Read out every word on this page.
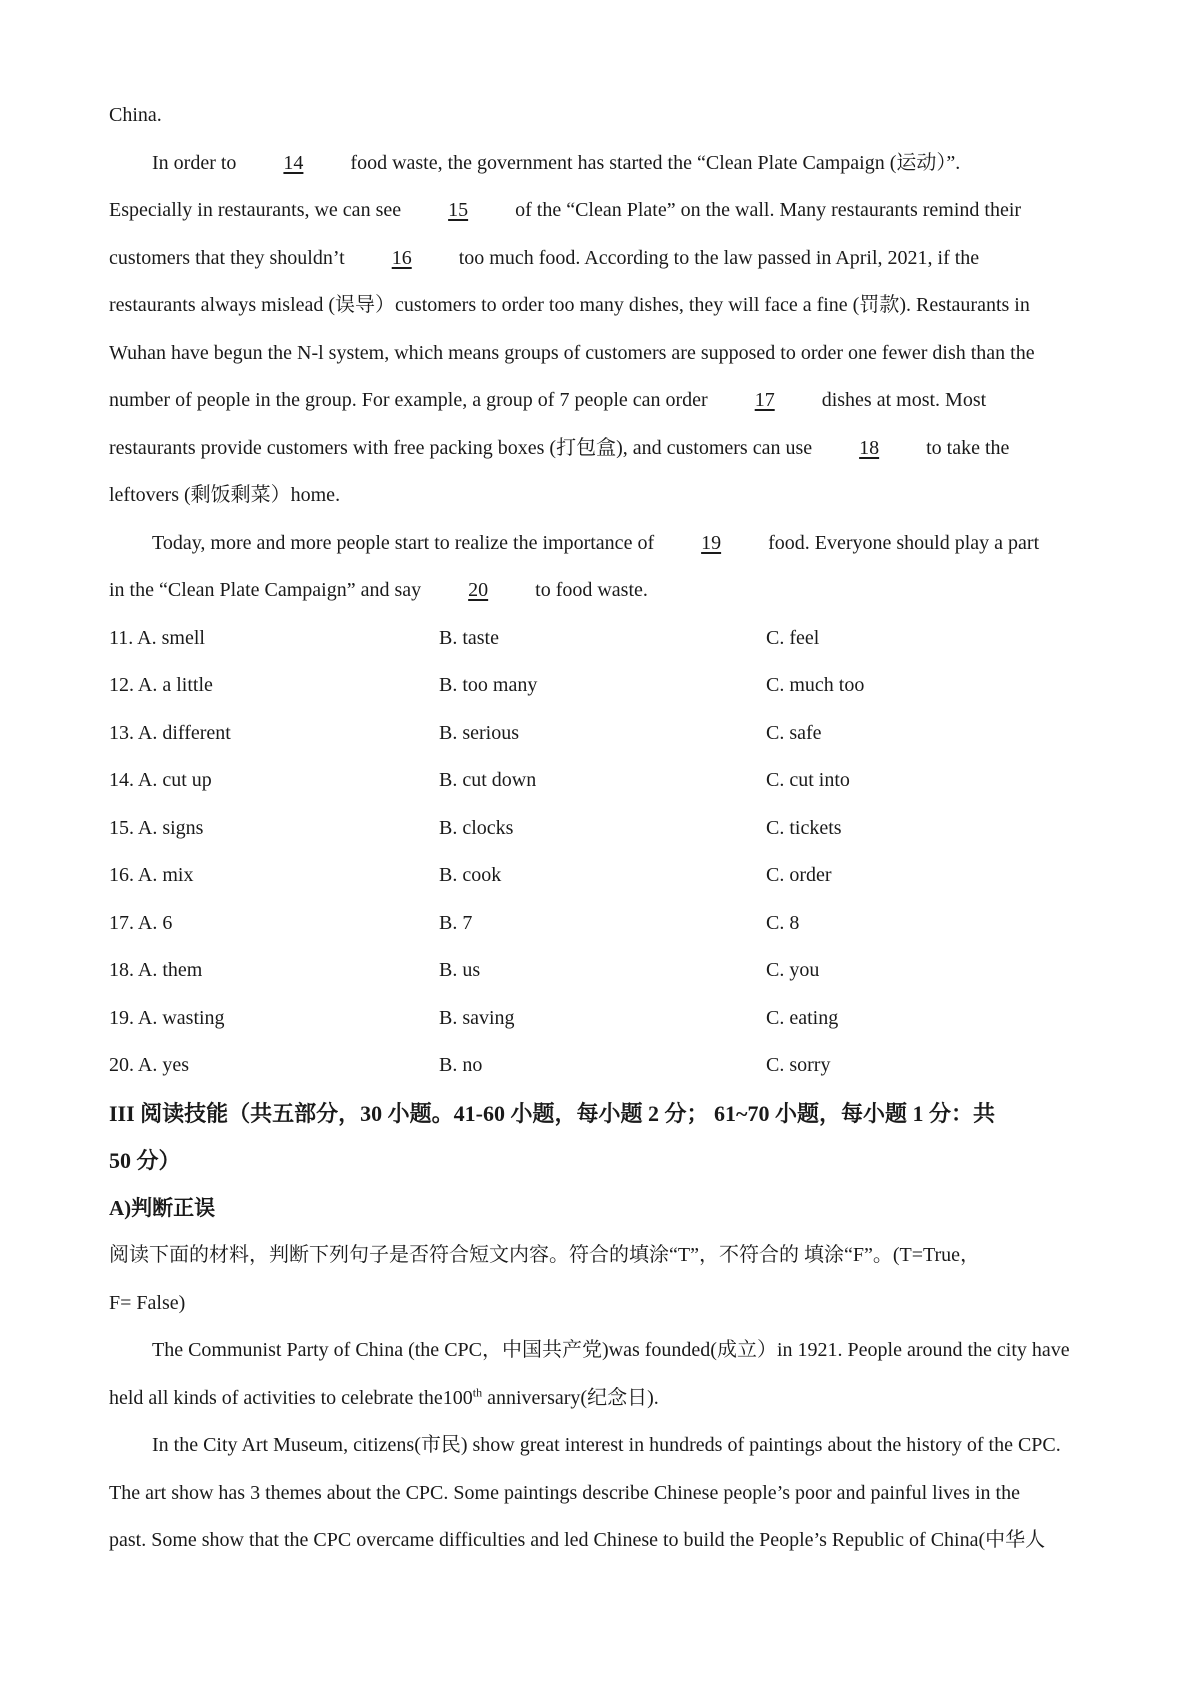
China.
In order to 14 food waste, the government has started the “Clean Plate Campaign (运动）”.
Especially in restaurants, we can see 15 of the “Clean Plate” on the wall. Many restaurants remind their
customers that they shouldn’t 16 too much food. According to the law passed in April, 2021, if the
restaurants always mislead (误导）customers to order too many dishes, they will face a fine (罚款). Restaurants in
Wuhan have begun the N-l system, which means groups of customers are supposed to order one fewer dish than the
number of people in the group. For example, a group of 7 people can order 17 dishes at most. Most
restaurants provide customers with free packing boxes (打包盒), and customers can use 18 to take the
leftovers (剩饭剩菜）home.
Today, more and more people start to realize the importance of 19 food. Everyone should play a part
in the “Clean Plate Campaign” and say 20 to food waste.
11. A. smell	B. taste	C. feel
12. A. a little	B. too many	C. much too
13. A. different	B. serious	C. safe
14. A. cut up	B. cut down	C. cut into
15. A. signs	B. clocks	C. tickets
16. A. mix	B. cook	C. order
17. A. 6	B. 7	C. 8
18. A. them	B. us	C. you
19. A. wasting	B. saving	C. eating
20. A. yes	B. no	C. sorry
III 阅读技能（共五部分，30 小题。41-60 小题，每小题 2 分； 61~70 小题，每小题 1 分：共
50 分）
A)判断正误
阅读下面的材料，判断下列句子是否符合短文内容。符合的填涂“T”，不符合的 填涂“F”。(T=True，
F= False)
The Communist Party of China (the CPC，中国共产党)was founded(成立）in 1921. People around the city have
held all kinds of activities to celebrate the100th anniversary(纪念日).
In the City Art Museum, citizens(市民) show great interest in hundreds of paintings about the history of the CPC.
The art show has 3 themes about the CPC. Some paintings describe Chinese people’s poor and painful lives in the
past. Some show that the CPC overcame difficulties and led Chinese to build the People’s Republic of China(中华人
